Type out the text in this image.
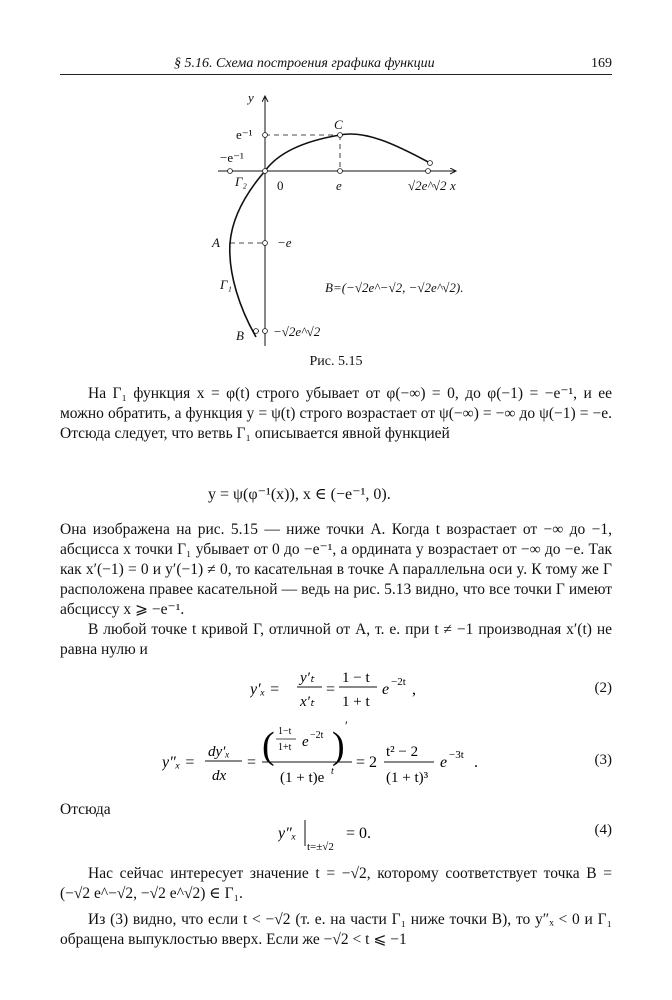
§ 5.16. Схема построения графика функции	169
y
x
C
e⁻¹
−e⁻¹
Γ₂ 0	e	√2e^√2
A	−e
Γ₁	B=(−√2e^−√2, −√2e^√2).
B −√2e^√2
Рис. 5.15
На Γ₁ функция x = φ(t) строго убывает от φ(−∞) = 0, до φ(−1) = −e⁻¹, и ее можно обратить, а функция y = ψ(t) строго возрастает от ψ(−∞) = −∞ до ψ(−1) = −e. Отсюда следует, что ветвь Γ₁ описывается явной функцией
y = ψ(φ⁻¹(x)), x ∈ (−e⁻¹, 0).
Она изображена на рис. 5.15 — ниже точки A. Когда t возрастает от −∞ до −1, абсцисса x точки Γ₁ убывает от 0 до −e⁻¹, а ордината y возрастает от −∞ до −e. Так как x′(−1) = 0 и y′(−1) ≠ 0, то касательная в точке A параллельна оси y. К тому же Γ расположена правее касательной — ведь на рис. 5.13 видно, что все точки Γ имеют абсциссу x ⩾ −e⁻¹.
В любой точке t кривой Γ, отличной от A, т. е. при t ≠ −1 производная x′(t) не равна нулю и
y′ₓ =
y′ₜ
x′ₜ
=
1 − t
1 + t
e −2t ,	(2)
y″ₓ =
dy′ₓ
dx
= ( 1−t
1+t e −2t ) ′
(1 + t)e t
= 2
t² − 2
(1 + t)³
e −3t .	(3)
Отсюда
y″ₓ
t=±√2
= 0.	(4)
Нас сейчас интересует значение t = −√2, которому соответствует точка B = (−√2 e^−√2, −√2 e^√2) ∈ Γ₁.
Из (3) видно, что если t < −√2 (т. е. на части Γ₁ ниже точки B), то y″ₓ < 0 и Γ₁ обращена выпуклостью вверх. Если же −√2 < t ⩽ −1
